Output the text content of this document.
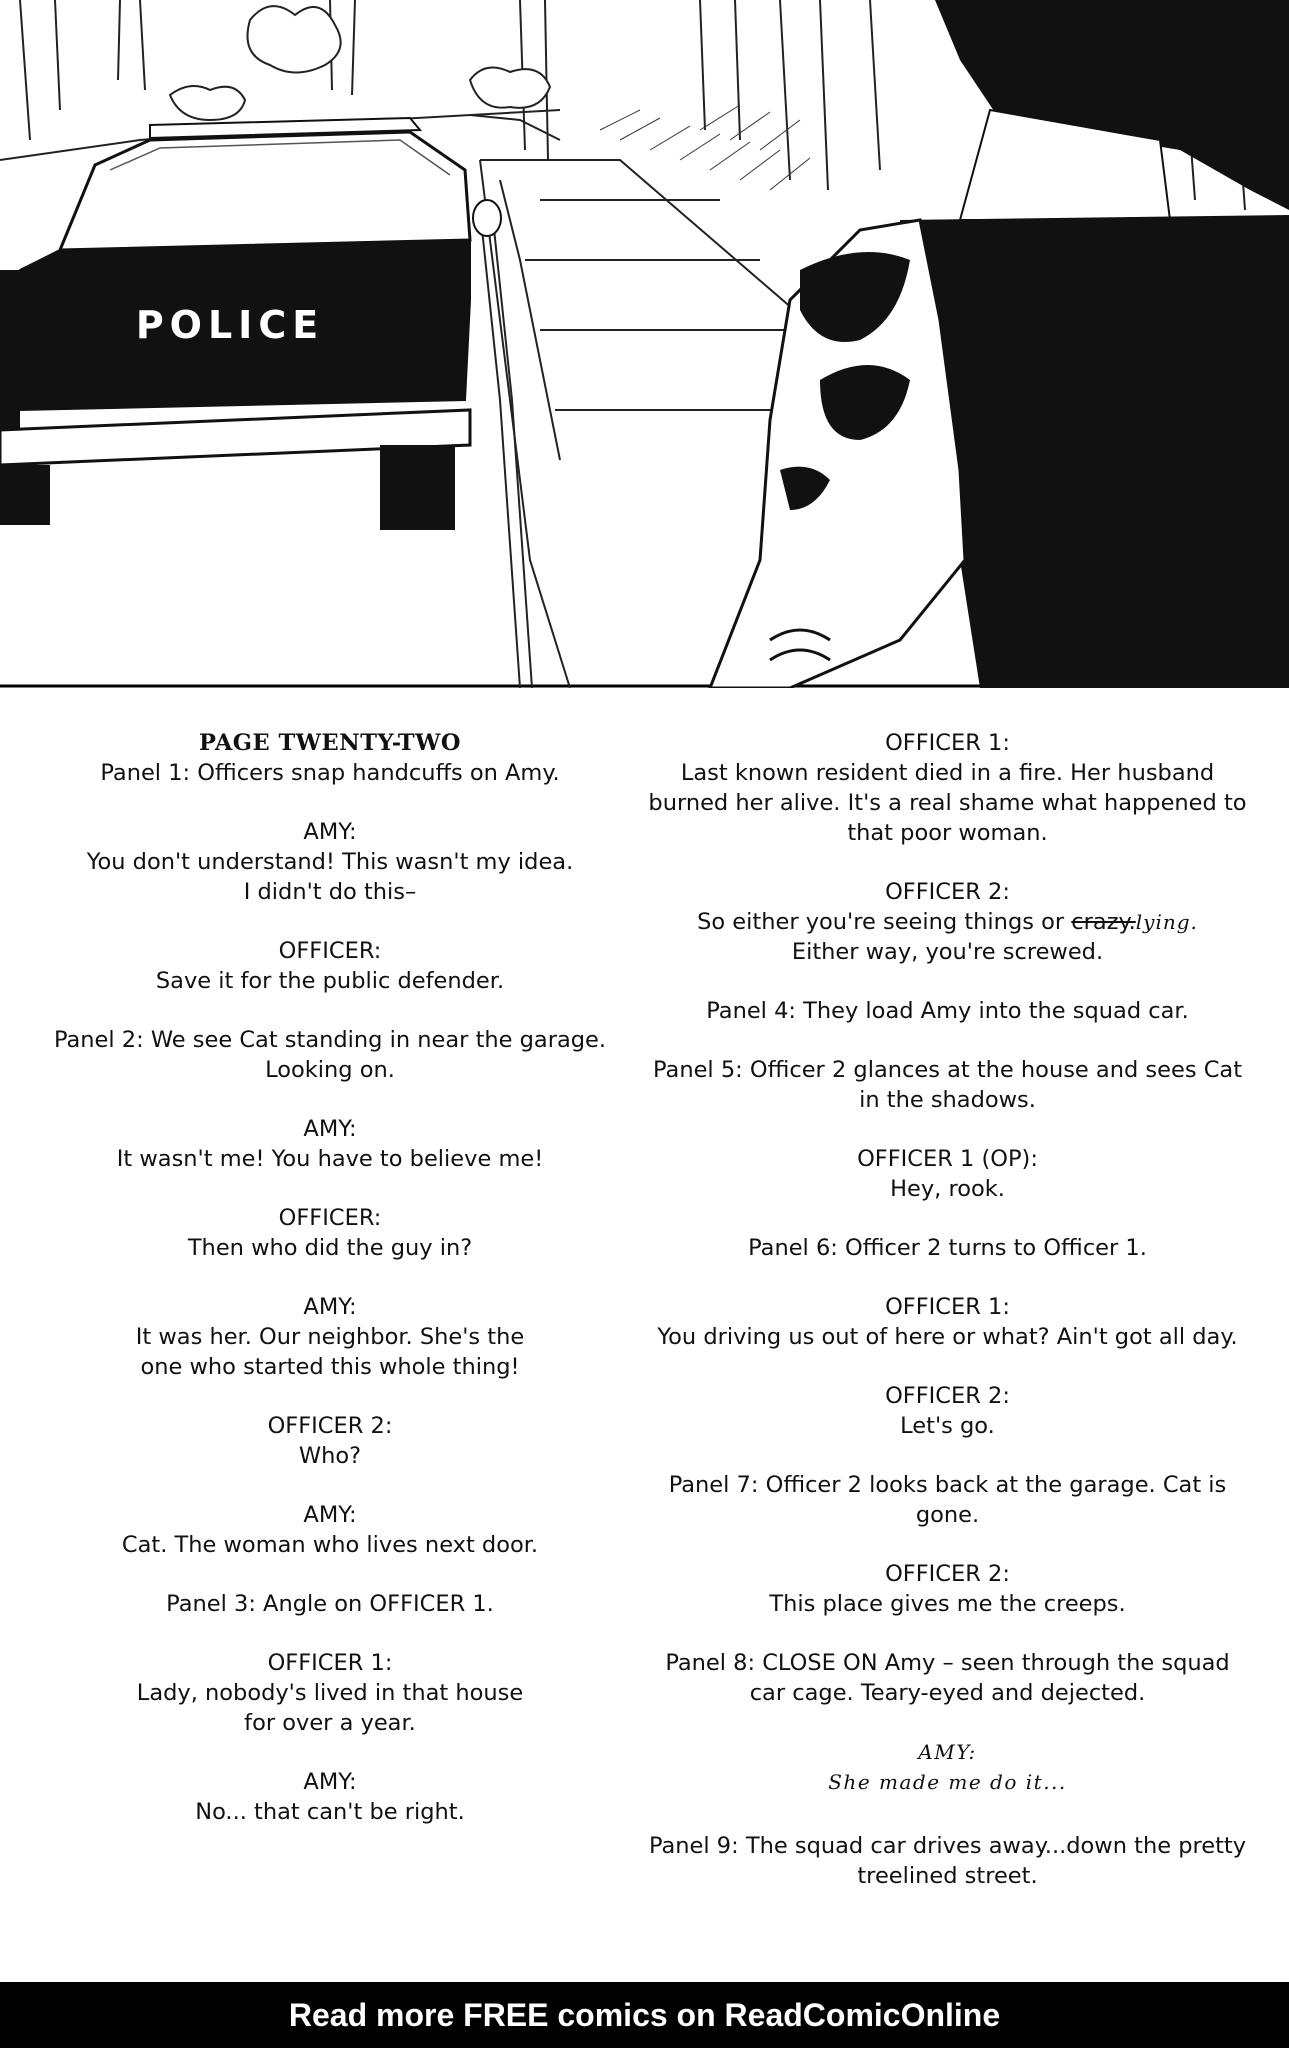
POLICE

PAGE TWENTY-TWO

Panel 1: Officers snap handcuffs on Amy.

AMY:

You don't understand! This wasn't my idea.

I didn't do this–

OFFICER:

Save it for the public defender.

Panel 2: We see Cat standing in near the garage.

Looking on.

AMY:

It wasn't me! You have to believe me!

OFFICER:

Then who did the guy in?

AMY:

It was her. Our neighbor. She's the

one who started this whole thing!

OFFICER 2:

Who?

AMY:

Cat. The woman who lives next door.

Panel 3: Angle on OFFICER 1.

OFFICER 1:

Lady, nobody's lived in that house

for over a year.

AMY:

No... that can't be right.

OFFICER 1:

Last known resident died in a fire. Her husband

burned her alive. It's a real shame what happened to

that poor woman.

OFFICER 2:

So either you're seeing things or crazy.lying.

Either way, you're screwed.

Panel 4: They load Amy into the squad car.

Panel 5: Officer 2 glances at the house and sees Cat

in the shadows.

OFFICER 1 (OP):

Hey, rook.

Panel 6: Officer 2 turns to Officer 1.

OFFICER 1:

You driving us out of here or what? Ain't got all day.

OFFICER 2:

Let's go.

Panel 7: Officer 2 looks back at the garage. Cat is gone.

OFFICER 2:

This place gives me the creeps.

Panel 8: CLOSE ON Amy – seen through the squad

car cage. Teary-eyed and dejected.

AMY:

She made me do it...

Panel 9: The squad car drives away...down the pretty

treelined street.

Read more FREE comics on ReadComicOnline
